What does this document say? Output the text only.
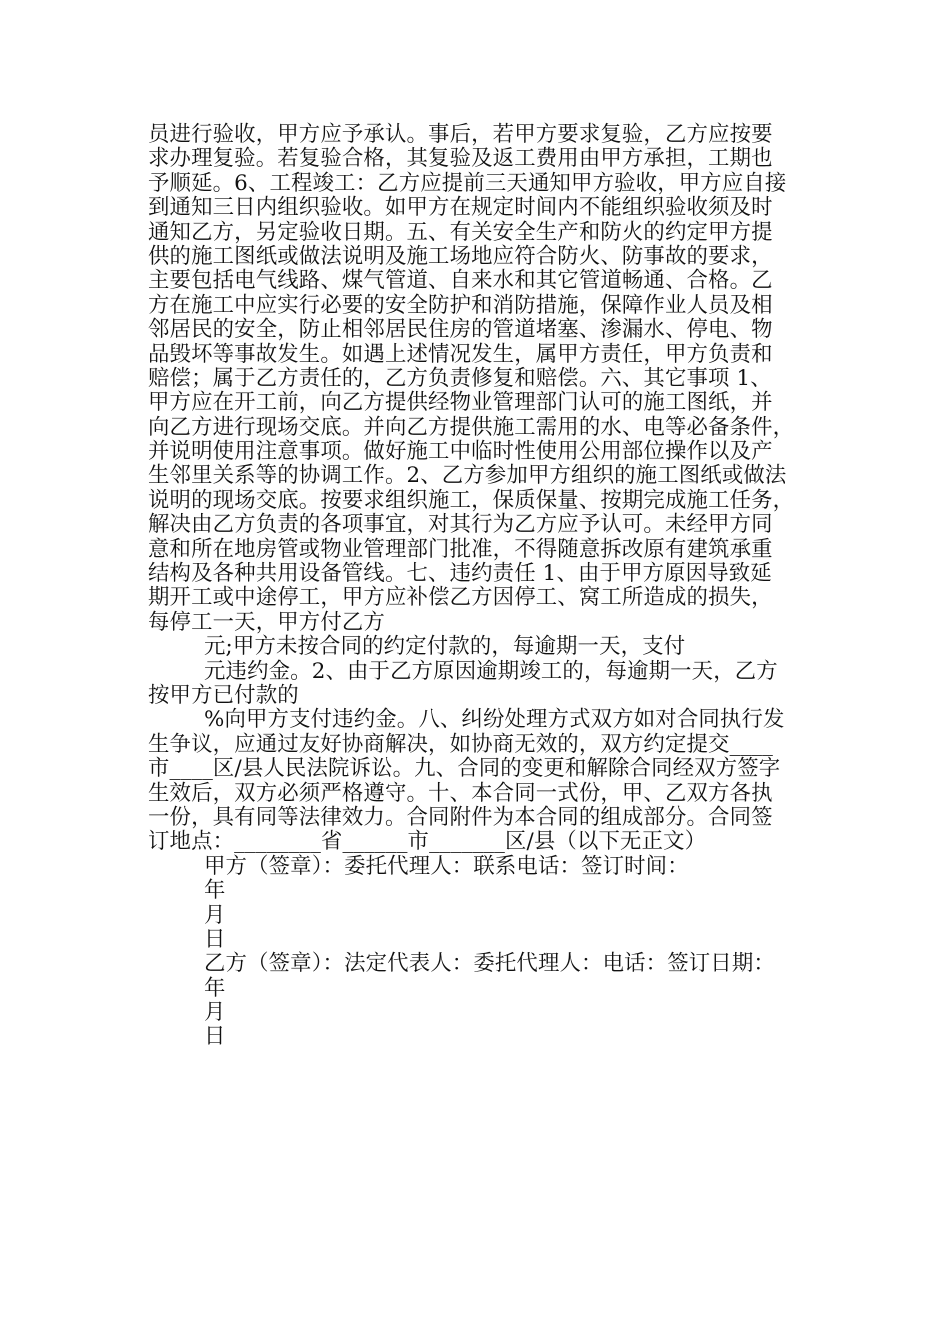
员进行验收，甲方应予承认。事后，若甲方要求复验，乙方应按要
求办理复验。若复验合格，其复验及返工费用由甲方承担，工期也
予顺延。6、工程竣工：乙方应提前三天通知甲方验收，甲方应自接
到通知三日内组织验收。如甲方在规定时间内不能组织验收须及时
通知乙方，另定验收日期。五、有关安全生产和防火的约定甲方提
供的施工图纸或做法说明及施工场地应符合防火、防事故的要求，
主要包括电气线路、煤气管道、自来水和其它管道畅通、合格。乙
方在施工中应实行必要的安全防护和消防措施，保障作业人员及相
邻居民的安全，防止相邻居民住房的管道堵塞、渗漏水、停电、物
品毁坏等事故发生。如遇上述情况发生，属甲方责任，甲方负责和
赔偿；属于乙方责任的，乙方负责修复和赔偿。六、其它事项 1、
甲方应在开工前，向乙方提供经物业管理部门认可的施工图纸，并
向乙方进行现场交底。并向乙方提供施工需用的水、电等必备条件，
并说明使用注意事项。做好施工中临时性使用公用部位操作以及产
生邻里关系等的协调工作。2、乙方参加甲方组织的施工图纸或做法
说明的现场交底。按要求组织施工，保质保量、按期完成施工任务，
解决由乙方负责的各项事宜，对其行为乙方应予认可。未经甲方同
意和所在地房管或物业管理部门批准，不得随意拆改原有建筑承重
结构及各种共用设备管线。七、违约责任 1、由于甲方原因导致延
期开工或中途停工，甲方应补偿乙方因停工、窝工所造成的损失，
每停工一天，甲方付乙方
元;甲方未按合同的约定付款的，每逾期一天，支付
元违约金。2、由于乙方原因逾期竣工的，每逾期一天，乙方
按甲方已付款的
%向甲方支付违约金。八、纠纷处理方式双方如对合同执行发
生争议，应通过友好协商解决，如协商无效的，双方约定提交____
市____区/县人民法院诉讼。九、合同的变更和解除合同经双方签字
生效后，双方必须严格遵守。十、本合同一式份，甲、乙双方各执
一份，具有同等法律效力。合同附件为本合同的组成部分。合同签
订地点：________省______市_______区/县（以下无正文）
甲方（签章）：委托代理人：联系电话：签订时间：
年
月
日
乙方（签章）：法定代表人：委托代理人：电话：签订日期：
年
月
日
